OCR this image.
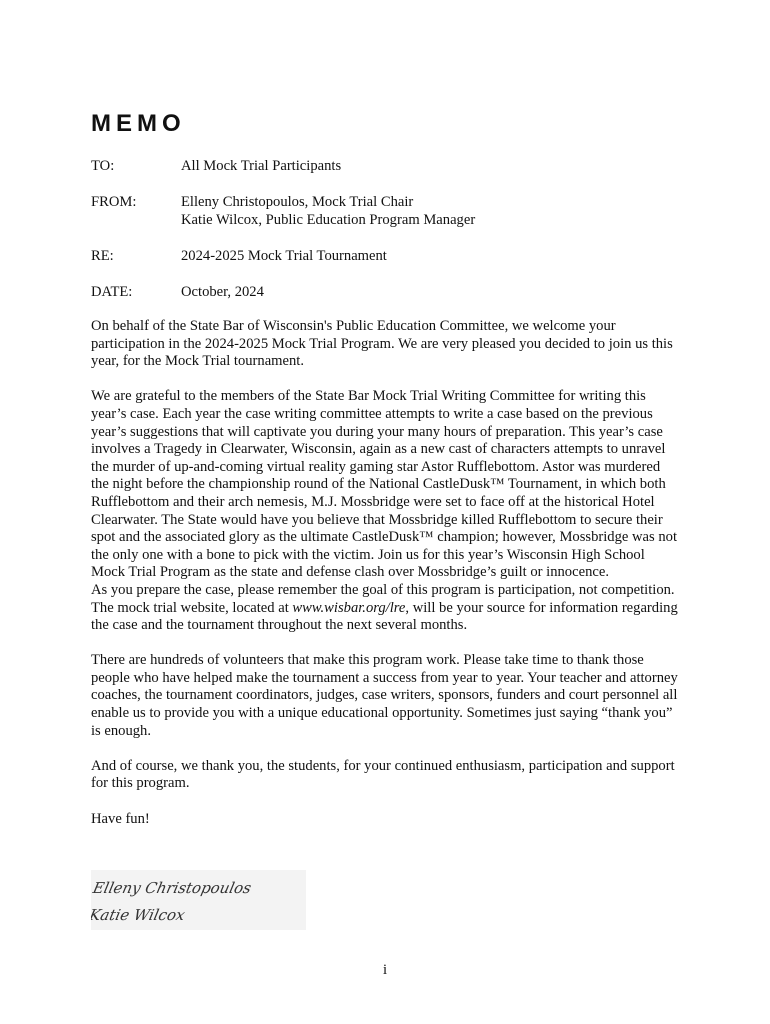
MEMO
TO:	All Mock Trial Participants
FROM:	Elleny Christopoulos, Mock Trial Chair
Katie Wilcox, Public Education Program Manager
RE:	2024-2025 Mock Trial Tournament
DATE:	October, 2024

On behalf of the State Bar of Wisconsin's Public Education Committee, we welcome your participation in the 2024-2025 Mock Trial Program. We are very pleased you decided to join us this year, for the Mock Trial tournament.

We are grateful to the members of the State Bar Mock Trial Writing Committee for writing this year’s case. Each year the case writing committee attempts to write a case based on the previous year’s suggestions that will captivate you during your many hours of preparation. This year’s case involves a Tragedy in Clearwater, Wisconsin, again as a new cast of characters attempts to unravel the murder of up-and-coming virtual reality gaming star Astor Rufflebottom. Astor was murdered the night before the championship round of the National CastleDusk™ Tournament, in which both Rufflebottom and their arch nemesis, M.J. Mossbridge were set to face off at the historical Hotel Clearwater. The State would have you believe that Mossbridge killed Rufflebottom to secure their spot and the associated glory as the ultimate CastleDusk™ champion; however, Mossbridge was not the only one with a bone to pick with the victim. Join us for this year’s Wisconsin High School Mock Trial Program as the state and defense clash over Mossbridge’s guilt or innocence.

As you prepare the case, please remember the goal of this program is participation, not competition. The mock trial website, located at www.wisbar.org/lre, will be your source for information regarding the case and the tournament throughout the next several months.

There are hundreds of volunteers that make this program work. Please take time to thank those people who have helped make the tournament a success from year to year. Your teacher and attorney coaches, the tournament coordinators, judges, case writers, sponsors, funders and court personnel all enable us to provide you with a unique educational opportunity. Sometimes just saying “thank you” is enough.

And of course, we thank you, the students, for your continued enthusiasm, participation and support for this program.

Have fun!

Elleny Christopoulos
Katie Wilcox
i
